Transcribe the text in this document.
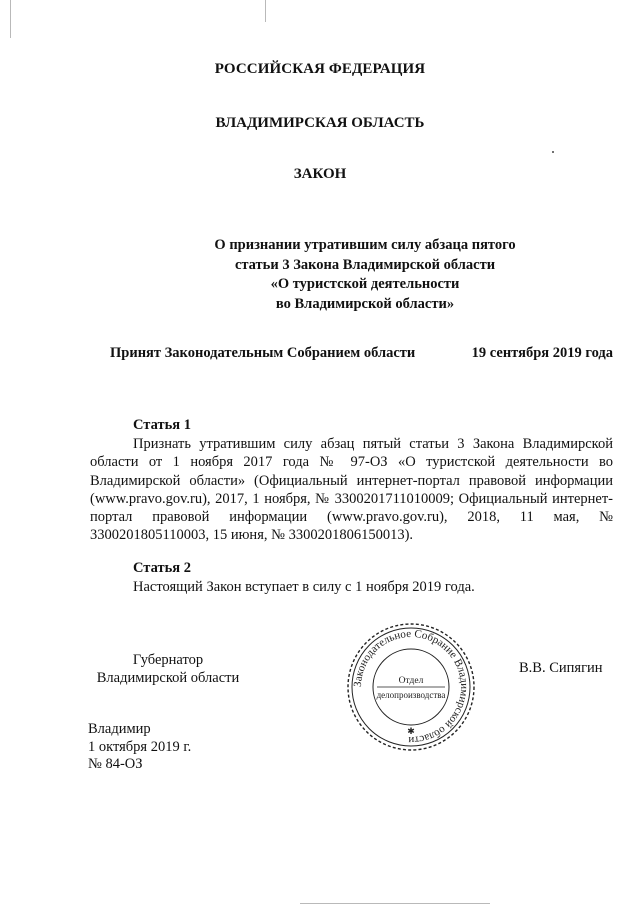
РОССИЙСКАЯ ФЕДЕРАЦИЯ
ВЛАДИМИРСКАЯ ОБЛАСТЬ
ЗАКОН
О признании утратившим силу абзаца пятого
статьи 3 Закона Владимирской области
«О туристской деятельности
во Владимирской области»
Принят Законодательным Собранием области	19 сентября 2019 года
Статья 1
Признать утратившим силу абзац пятый статьи 3 Закона Владимирской области от 1 ноября 2017 года № 97-ОЗ «О туристской деятельности во Владимирской области» (Официальный интернет-портал правовой информации (www.pravo.gov.ru), 2017, 1 ноября, № 3300201711010009; Официальный интернет-портал правовой информации (www.pravo.gov.ru), 2018, 11 мая, № 3300201805110003, 15 июня, № 3300201806150013).
Статья 2
Настоящий Закон вступает в силу с 1 ноября 2019 года.
Губернатор
Владимирской области	Законодательное Собрание Владимирской области
✱
Отдел
делопроизводства
В.В. Сипягин
Владимир
1 октября 2019 г.
№ 84-ОЗ
